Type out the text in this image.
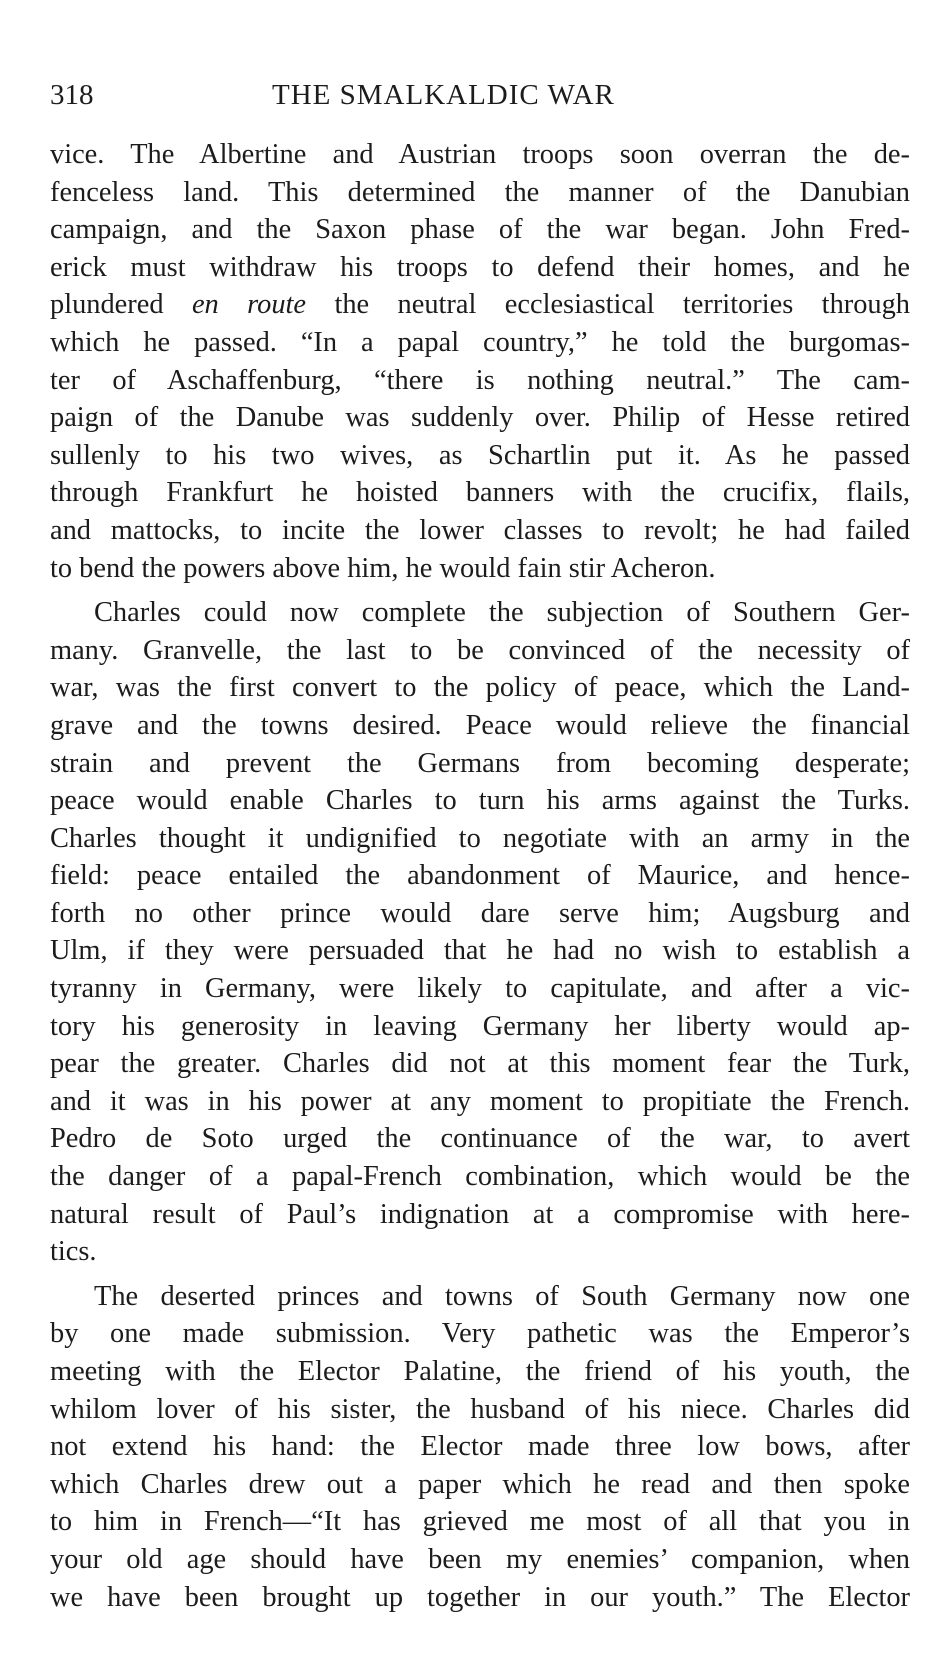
318	THE SMALKALDIC WAR
vice. The Albertine and Austrian troops soon overran the de-
fenceless land. This determined the manner of the Danubian
campaign, and the Saxon phase of the war began. John Fred-
erick must withdraw his troops to defend their homes, and he
plundered en route the neutral ecclesiastical territories through
which he passed. “In a papal country,” he told the burgomas-
ter of Aschaffenburg, “there is nothing neutral.” The cam-
paign of the Danube was suddenly over. Philip of Hesse retired
sullenly to his two wives, as Schartlin put it. As he passed
through Frankfurt he hoisted banners with the crucifix, flails,
and mattocks, to incite the lower classes to revolt; he had failed
to bend the powers above him, he would fain stir Acheron.
Charles could now complete the subjection of Southern Ger-
many. Granvelle, the last to be convinced of the necessity of
war, was the first convert to the policy of peace, which the Land-
grave and the towns desired. Peace would relieve the financial
strain and prevent the Germans from becoming desperate;
peace would enable Charles to turn his arms against the Turks.
Charles thought it undignified to negotiate with an army in the
field: peace entailed the abandonment of Maurice, and hence-
forth no other prince would dare serve him; Augsburg and
Ulm, if they were persuaded that he had no wish to establish a
tyranny in Germany, were likely to capitulate, and after a vic-
tory his generosity in leaving Germany her liberty would ap-
pear the greater. Charles did not at this moment fear the Turk,
and it was in his power at any moment to propitiate the French.
Pedro de Soto urged the continuance of the war, to avert
the danger of a papal-French combination, which would be the
natural result of Paul’s indignation at a compromise with here-
tics.
The deserted princes and towns of South Germany now one
by one made submission. Very pathetic was the Emperor’s
meeting with the Elector Palatine, the friend of his youth, the
whilom lover of his sister, the husband of his niece. Charles did
not extend his hand: the Elector made three low bows, after
which Charles drew out a paper which he read and then spoke
to him in French—“It has grieved me most of all that you in
your old age should have been my enemies’ companion, when
we have been brought up together in our youth.” The Elector
